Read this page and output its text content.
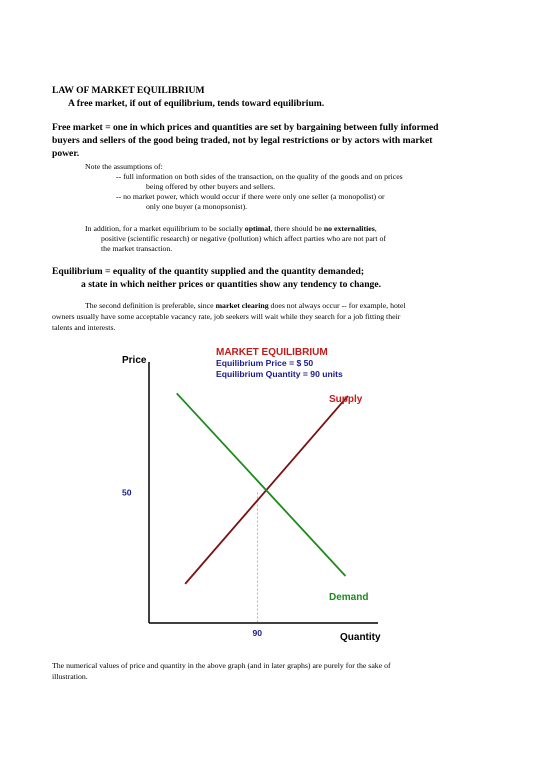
LAW OF MARKET EQUILIBRIUM
A free market, if out of equilibrium, tends toward equilibrium.
Free market = one in which prices and quantities are set by bargaining between fully informed
buyers and sellers of the good being traded, not by legal restrictions or by actors with market
power.
Note the assumptions of:
-- full information on both sides of the transaction, on the quality of the goods and on prices
being offered by other buyers and sellers.
-- no market power, which would occur if there were only one seller (a monopolist) or
only one buyer (a monopsonist).
In addition, for a market equilibrium to be socially optimal, there should be no externalities,
positive (scientific research) or negative (pollution) which affect parties who are not part of
the market transaction.
Equilibrium = equality of the quantity supplied and the quantity demanded;
a state in which neither prices or quantities show any tendency to change.
The second definition is preferable, since market clearing does not always occur -- for example, hotel
owners usually have some acceptable vacancy rate, job seekers will wait while they search for a job fitting their
talents and interests.
Price
Quantity
MARKET EQUILIBRIUM
Equilibrium Price = $ 50
Equilibrium Quantity = 90 units
Supply
Demand
50
90
The numerical values of price and quantity in the above graph (and in later graphs) are purely for the sake of
illustration.
